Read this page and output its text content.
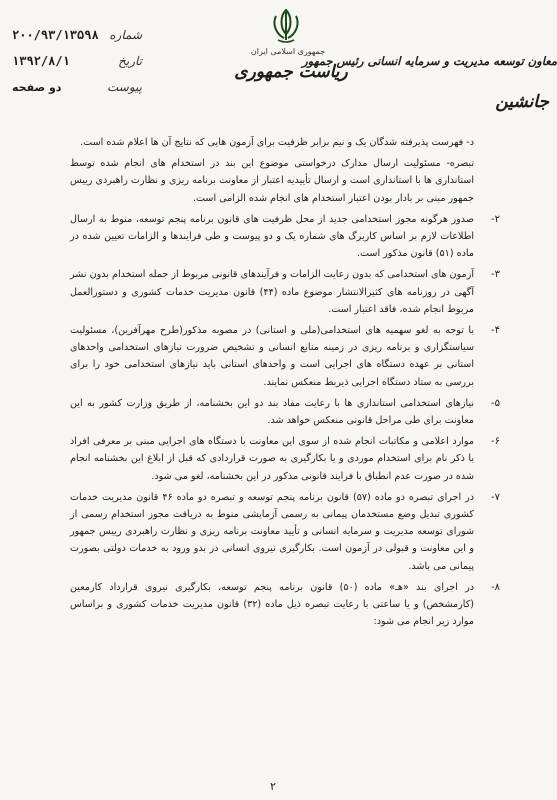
شماره
۲۰۰/۹۳/۱۳۵۹۸
تاریخ
۱۳۹۲/۸/۱
پیوست
دو صفحه
جمهوری اسلامی ایران
ریاست جمهوری
معاون توسعه مدیریت و سرمایه انسانی رئیس جمهور
جانشین
د- فهرست پذیرفته شدگان یک و نیم برابر ظرفیت برای آزمون هایی که نتایج آن ها اعلام شده است.
تبصره- مسئولیت ارسال مدارک درخواستی موضوع این بند در استخدام های انجام شده توسط استانداری ها با استانداری است و ارسال تأییدیه اعتبار از معاونت برنامه ریزی و نظارت راهبردی رییس جمهور مبنی بر بادار بودن اعتبار استخدام های انجام شده الزامی است.
۲-
صدور هرگونه مجوز استخدامی جدید از محل ظرفیت های قانون برنامه پنجم توسعه، منوط به ارسال اطلاعات لازم بر اساس کاربرگ های شماره یک و دو پیوست و طی فرایندها و الزامات تعیین شده در ماده (۵۱) قانون مذکور است.
۳-
آزمون های استخدامی که بدون رعایت الزامات و فرآیندهای قانونی مربوط از جمله استخدام بدون نشر آگهی در روزنامه های کثیرالانتشار موضوع ماده (۴۴) قانون مدیریت خدمات کشوری و دستورالعمل مربوط انجام شده، فاقد اعتبار است.
۴-
با توجه به لغو سهمیه های استخدامی(ملی و استانی) در مصوبه مذکور(طرح مهرآفرین)، مسئولیت سیاستگزاری و برنامه ریزی در زمینه منابع انسانی و تشخیص ضرورت نیازهای استخدامی واحدهای استانی بر عهده دستگاه های اجرایی است و واحدهای استانی باید نیازهای استخدامی خود را برای بررسی به ستاد دستگاه اجرایی ذیربط منعکس نمایند.
۵-
نیازهای استخدامی استانداری ها با رعایت مفاد بند دو این بخشنامه، از طریق وزارت کشور به این معاونت برای طی مراحل قانونی منعکس خواهد شد.
۶-
موارد اعلامی و مکاتبات انجام شده از سوی این معاونت با دستگاه های اجرایی مبنی بر معرفی افراد با ذکر نام برای استخدام موردی و یا بکارگیری به صورت قراردادی که قبل از ابلاغ این بخشنامه انجام شده در صورت عدم انطباق با فرایند قانونی مذکور در این بخشنامه، لغو می شود.
۷-
در اجرای تبصره دو ماده (۵۷) قانون برنامه پنجم توسعه و تبصره دو ماده ۴۶ قانون مدیریت خدمات کشوری تبدیل وضع مستخدمان پیمانی به رسمی آزمایشی منوط به دریافت مجوز استخدام رسمی از شورای توسعه مدیریت و سرمایه انسانی و تأیید معاونت برنامه ریزی و نظارت راهبردی رییس جمهور و این معاونت و قبولی در آزمون است. بکارگیری نیروی انسانی در بدو ورود به خدمات دولتی بصورت پیمانی می باشد.
۸-
در اجرای بند «هـ» ماده (۵۰) قانون برنامه پنجم توسعه، بکارگیری نیروی قرارداد کارمعین (کارمشخص) و یا ساعتی با رعایت تبصره ذیل ماده (۳۲) قانون مدیریت خدمات کشوری و براساس موارد زیر انجام می شود:
۲
